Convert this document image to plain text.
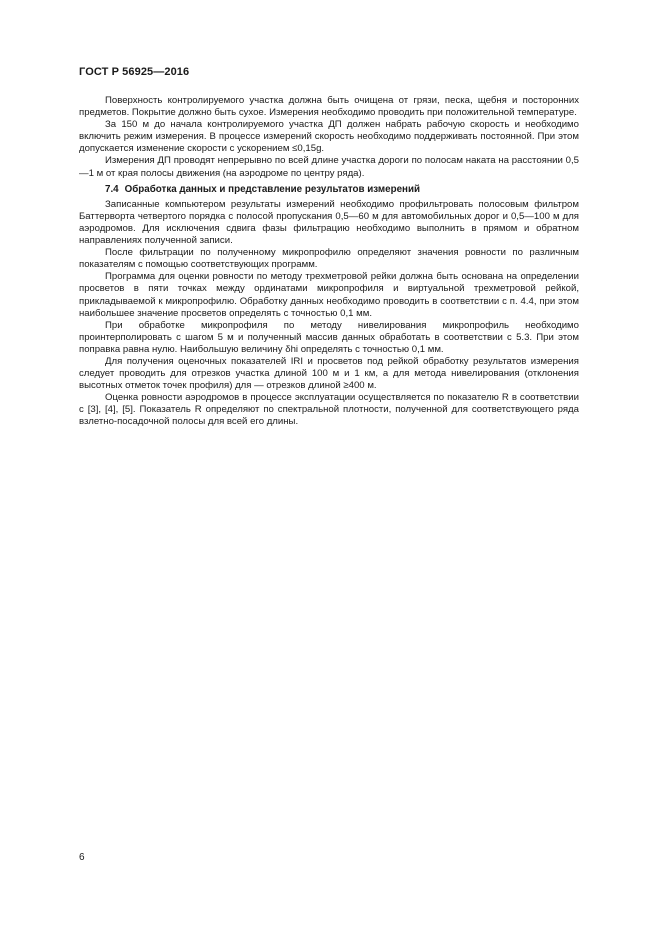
ГОСТ Р 56925—2016

Поверхность контролируемого участка должна быть очищена от грязи, песка, щебня и посторонних предметов. Покрытие должно быть сухое. Измерения необходимо проводить при положительной температуре.

За 150 м до начала контролируемого участка ДП должен набрать рабочую скорость и необходимо включить режим измерения. В процессе измерений скорость необходимо поддерживать постоянной. При этом допускается изменение скорости с ускорением ≤0,15g.

Измерения ДП проводят непрерывно по всей длине участка дороги по полосам наката на расстоянии 0,5—1 м от края полосы движения (на аэродроме по центру ряда).

7.4 Обработка данных и представление результатов измерений

Записанные компьютером результаты измерений необходимо профильтровать полосовым фильтром Баттерворта четвертого порядка с полосой пропускания 0,5—60 м для автомобильных дорог и 0,5—100 м для аэродромов. Для исключения сдвига фазы фильтрацию необходимо выполнить в прямом и обратном направлениях полученной записи.

После фильтрации по полученному микропрофилю определяют значения ровности по различным показателям с помощью соответствующих программ.

Программа для оценки ровности по методу трехметровой рейки должна быть основана на определении просветов в пяти точках между ординатами микропрофиля и виртуальной трехметровой рейкой, прикладываемой к микропрофилю. Обработку данных необходимо проводить в соответствии с п. 4.4, при этом наибольшее значение просветов определять с точностью 0,1 мм.

При обработке микропрофиля по методу нивелирования микропрофиль необходимо проинтерполировать с шагом 5 м и полученный массив данных обработать в соответствии с 5.3. При этом поправка равна нулю. Наибольшую величину δhi определять с точностью 0,1 мм.

Для получения оценочных показателей IRI и просветов под рейкой обработку результатов измерения следует проводить для отрезков участка длиной 100 м и 1 км, а для метода нивелирования (отклонения высотных отметок точек профиля) для — отрезков длиной ≥400 м.

Оценка ровности аэродромов в процессе эксплуатации осуществляется по показателю R в соответствии с [3], [4], [5]. Показатель R определяют по спектральной плотности, полученной для соответствующего ряда взлетно-посадочной полосы для всей его длины.

6
